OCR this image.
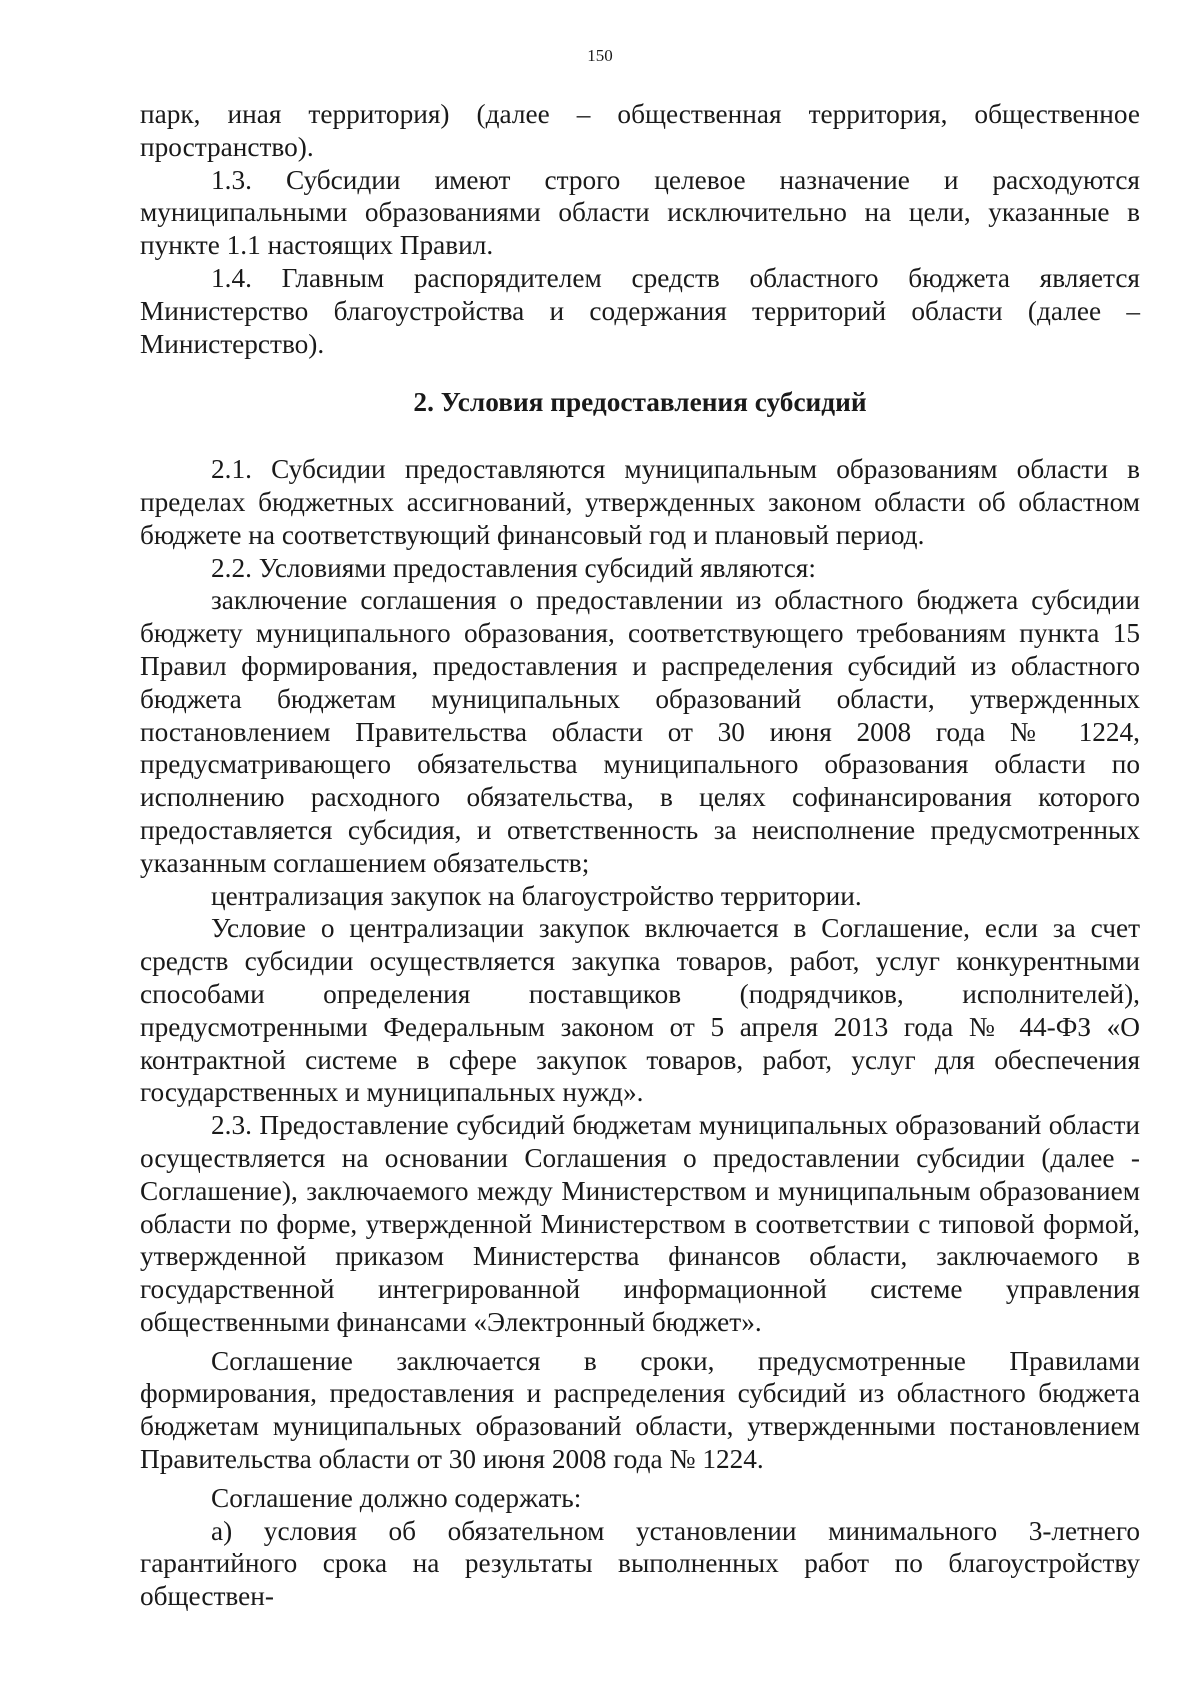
150

парк, иная территория) (далее – общественная территория, общественное пространство).

1.3. Субсидии имеют строго целевое назначение и расходуются муниципальными образованиями области исключительно на цели, указанные в пункте 1.1 настоящих Правил.

1.4. Главным распорядителем средств областного бюджета является Министерство благоустройства и содержания территорий области (далее – Министерство).

2. Условия предоставления субсидий

2.1. Субсидии предоставляются муниципальным образованиям области в пределах бюджетных ассигнований, утвержденных законом области об областном бюджете на соответствующий финансовый год и плановый период.

2.2. Условиями предоставления субсидий являются:

заключение соглашения о предоставлении из областного бюджета субсидии бюджету муниципального образования, соответствующего требованиям пункта 15 Правил формирования, предоставления и распределения субсидий из областного бюджета бюджетам муниципальных образований области, утвержденных постановлением Правительства области от 30 июня 2008 года № 1224, предусматривающего обязательства муниципального образования области по исполнению расходного обязательства, в целях софинансирования которого предоставляется субсидия, и ответственность за неисполнение предусмотренных указанным соглашением обязательств;

централизация закупок на благоустройство территории.

Условие о централизации закупок включается в Соглашение, если за счет средств субсидии осуществляется закупка товаров, работ, услуг конкурентными способами определения поставщиков (подрядчиков, исполнителей), предусмотренными Федеральным законом от 5 апреля 2013 года № 44-ФЗ «О контрактной системе в сфере закупок товаров, работ, услуг для обеспечения государственных и муниципальных нужд».

2.3. Предоставление субсидий бюджетам муниципальных образований области осуществляется на основании Соглашения о предоставлении субсидии (далее - Соглашение), заключаемого между Министерством и муниципальным образованием области по форме, утвержденной Министерством в соответствии с типовой формой, утвержденной приказом Министерства финансов области, заключаемого в государственной интегрированной информационной системе управления общественными финансами «Электронный бюджет».

Соглашение заключается в сроки, предусмотренные Правилами формирования, предоставления и распределения субсидий из областного бюджета бюджетам муниципальных образований области, утвержденными постановлением Правительства области от 30 июня 2008 года № 1224.

Соглашение должно содержать:

а) условия об обязательном установлении минимального 3-летнего гарантийного срока на результаты выполненных работ по благоустройству обществен-
